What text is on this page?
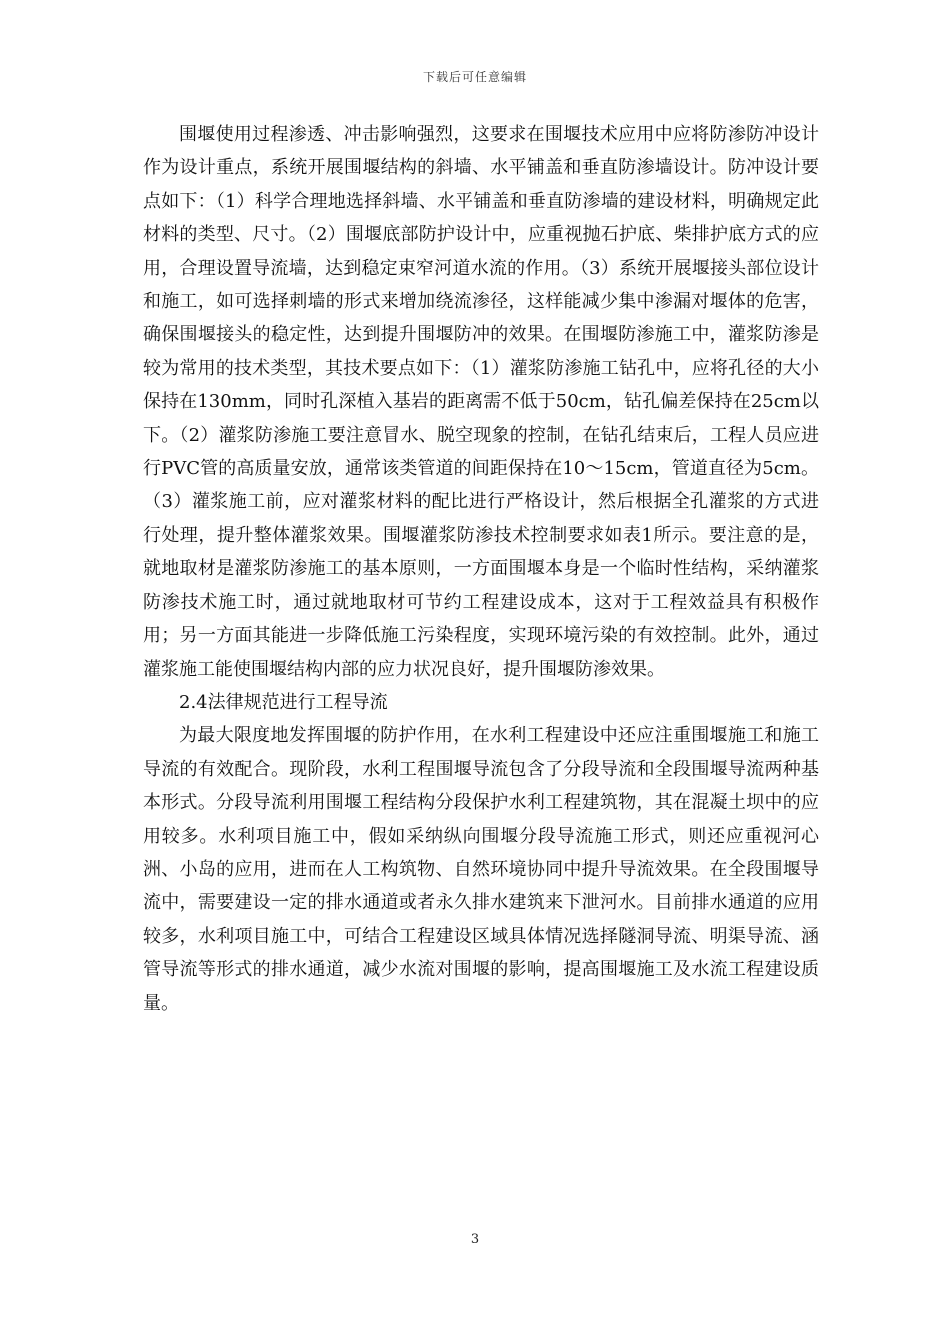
下载后可任意编辑

围堰使用过程渗透、冲击影响强烈，这要求在围堰技术应用中应将防渗防冲设计作为设计重点，系统开展围堰结构的斜墙、水平铺盖和垂直防渗墙设计。防冲设计要点如下：（1）科学合理地选择斜墙、水平铺盖和垂直防渗墙的建设材料，明确规定此材料的类型、尺寸。（2）围堰底部防护设计中，应重视抛石护底、柴排护底方式的应用，合理设置导流墙，达到稳定束窄河道水流的作用。（3）系统开展堰接头部位设计和施工，如可选择刺墙的形式来增加绕流渗径，这样能减少集中渗漏对堰体的危害，确保围堰接头的稳定性，达到提升围堰防冲的效果。在围堰防渗施工中，灌浆防渗是较为常用的技术类型，其技术要点如下：（1）灌浆防渗施工钻孔中，应将孔径的大小保持在130mm，同时孔深植入基岩的距离需不低于50cm，钻孔偏差保持在25cm以下。（2）灌浆防渗施工要注意冒水、脱空现象的控制，在钻孔结束后，工程人员应进行PVC管的高质量安放，通常该类管道的间距保持在10～15cm，管道直径为5cm。（3）灌浆施工前，应对灌浆材料的配比进行严格设计，然后根据全孔灌浆的方式进行处理，提升整体灌浆效果。围堰灌浆防渗技术控制要求如表1所示。要注意的是，就地取材是灌浆防渗施工的基本原则，一方面围堰本身是一个临时性结构，采纳灌浆防渗技术施工时，通过就地取材可节约工程建设成本，这对于工程效益具有积极作用；另一方面其能进一步降低施工污染程度，实现环境污染的有效控制。此外，通过灌浆施工能使围堰结构内部的应力状况良好，提升围堰防渗效果。

2.4法律规范进行工程导流

为最大限度地发挥围堰的防护作用，在水利工程建设中还应注重围堰施工和施工导流的有效配合。现阶段，水利工程围堰导流包含了分段导流和全段围堰导流两种基本形式。分段导流利用围堰工程结构分段保护水利工程建筑物，其在混凝土坝中的应用较多。水利项目施工中，假如采纳纵向围堰分段导流施工形式，则还应重视河心洲、小岛的应用，进而在人工构筑物、自然环境协同中提升导流效果。在全段围堰导流中，需要建设一定的排水通道或者永久排水建筑来下泄河水。目前排水通道的应用较多，水利项目施工中，可结合工程建设区域具体情况选择隧洞导流、明渠导流、涵管导流等形式的排水通道，减少水流对围堰的影响，提高围堰施工及水流工程建设质量。

3
